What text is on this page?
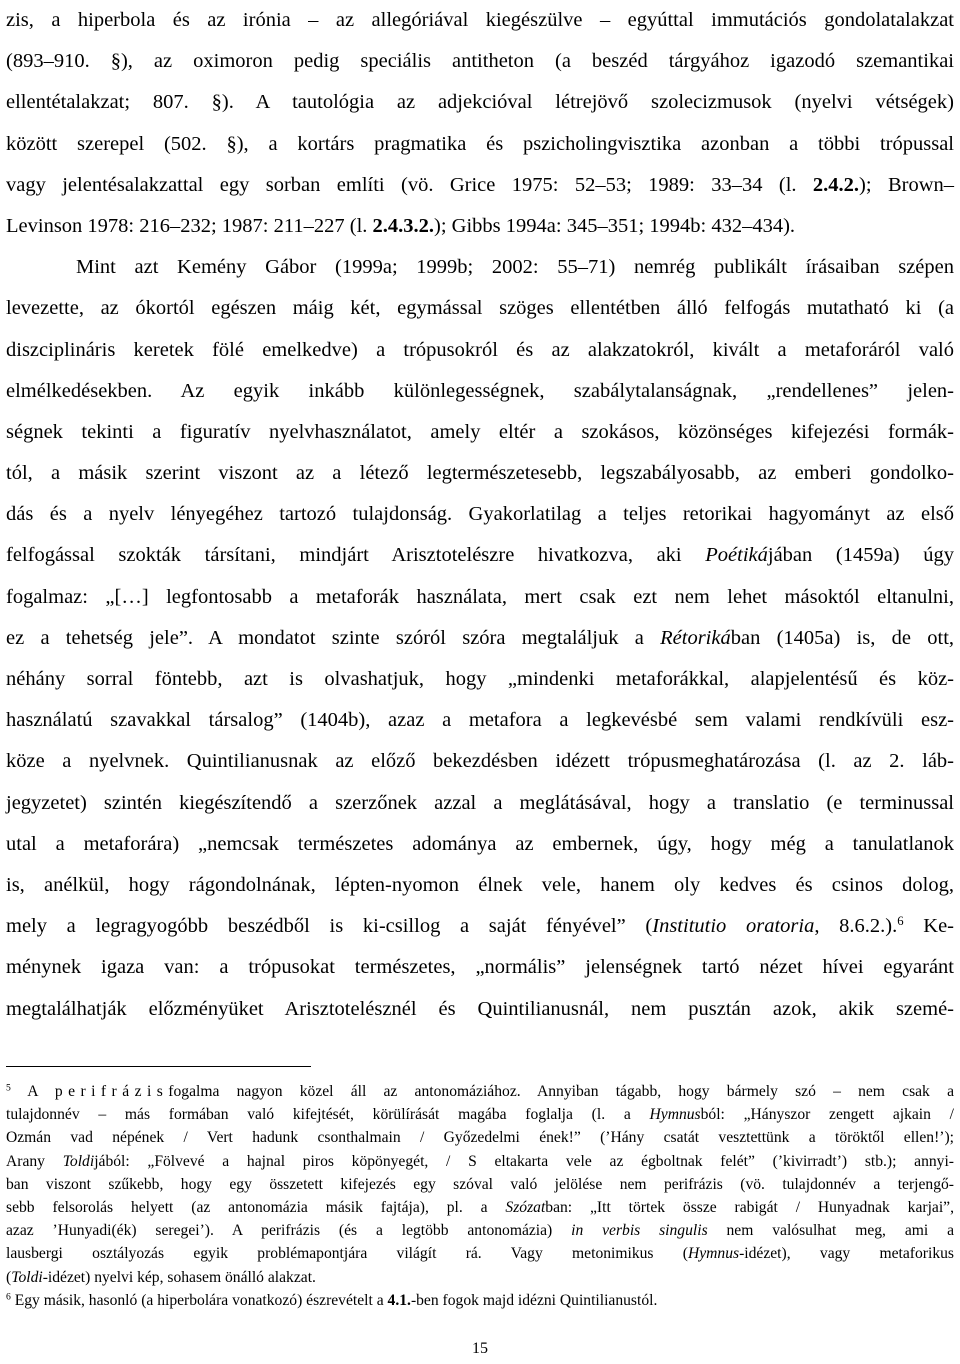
zis, a hiperbola és az irónia – az allegóriával kiegészülve – egyúttal immutációs gondolatalakzat
(893–910. §), az oximoron pedig speciális antitheton (a beszéd tárgyához igazodó szemantikai
ellentétalakzat; 807. §). A tautológia az adjekcióval létrejövő szolecizmusok (nyelvi vétségek)
között szerepel (502. §), a kortárs pragmatika és pszicholingvisztika azonban a többi trópussal
vagy jelentésalakzattal egy sorban említi (vö. Grice 1975: 52–53; 1989: 33–34 (l. 2.4.2.); Brown–
Levinson 1978: 216–232; 1987: 211–227 (l. 2.4.3.2.); Gibbs 1994a: 345–351; 1994b: 432–434).
Mint azt Kemény Gábor (1999a; 1999b; 2002: 55–71) nemrég publikált írásaiban szépen
levezette, az ókortól egészen máig két, egymással szöges ellentétben álló felfogás mutatható ki (a
diszciplináris keretek fölé emelkedve) a trópusokról és az alakzatokról, kivált a metaforáról való
elmélkedésekben. Az egyik inkább különlegességnek, szabálytalanságnak, „rendellenes” jelen-
ségnek tekinti a figuratív nyelvhasználatot, amely eltér a szokásos, közönséges kifejezési formák-
tól, a másik szerint viszont az a létező legtermészetesebb, legszabályosabb, az emberi gondolko-
dás és a nyelv lényegéhez tartozó tulajdonság. Gyakorlatilag a teljes retorikai hagyományt az első
felfogással szokták társítani, mindjárt Arisztotelészre hivatkozva, aki Poétikájában (1459a) úgy
fogalmaz: „[…] legfontosabb a metaforák használata, mert csak ezt nem lehet másoktól eltanulni,
ez a tehetség jele”. A mondatot szinte szóról szóra megtaláljuk a Rétorikában (1405a) is, de ott,
néhány sorral föntebb, azt is olvashatjuk, hogy „mindenki metaforákkal, alapjelentésű és köz-
használatú szavakkal társalog” (1404b), azaz a metafora a legkevésbé sem valami rendkívüli esz-
köze a nyelvnek. Quintilianusnak az előző bekezdésben idézett trópusmeghatározása (l. az 2. láb-
jegyzetet) szintén kiegészítendő a szerzőnek azzal a meglátásával, hogy a translatio (e terminussal
utal a metaforára) „nemcsak természetes adománya az embernek, úgy, hogy még a tanulatlanok
is, anélkül, hogy rágondolnának, lépten-nyomon élnek vele, hanem oly kedves és csinos dolog,
mely a legragyogóbb beszédből is ki-csillog a saját fényével” (Institutio oratoria, 8.6.2.).$^6$ Ke-
ménynek igaza van: a trópusokat természetes, „normális” jelenségnek tartó nézet hívei egyaránt
megtalálhatják előzményüket Arisztotelésznél és Quintilianusnál, nem pusztán azok, akik szemé-
$^5$ A perifrázisfogalma nagyon közel áll az antonomáziához. Annyiban tágabb, hogy bármely szó – nem csak a
tulajdonnév – más formában való kifejtését, körülírását magába foglalja (l. a Hymnusból: „Hányszor zengett ajkain /
Ozmán vad népének / Vert hadunk csonthalmain / Győzedelmi ének!” (’Hány csatát vesztettünk a töröktől ellen!’);
Arany Toldijából: „Fölvevé a hajnal piros köpönyegét, / S eltakarta vele az égboltnak felét” (’kivirradt’) stb.); annyi-
ban viszont szűkebb, hogy egy összetett kifejezés egy szóval való jelölése nem perifrázis (vö. tulajdonnév a terjengő-
sebb felsorolás helyett (az antonomázia másik fajtája), pl. a Szózatban: „Itt törtek össze rabigát / Hunyadnak karjai”,
azaz ’Hunyadi(ék) seregei’). A perifrázis (és a legtöbb antonomázia) in verbis singulis nem valósulhat meg, ami a
lausbergi osztályozás egyik problémapontjára világít rá. Vagy metonimikus (Hymnus-idézet), vagy metaforikus
(Toldi-idézet) nyelvi kép, sohasem önálló alakzat.
$^6$ Egy másik, hasonló (a hiperbolára vonatkozó) észrevételt a 4.1.-ben fogok majd idézni Quintilianustól.
15
